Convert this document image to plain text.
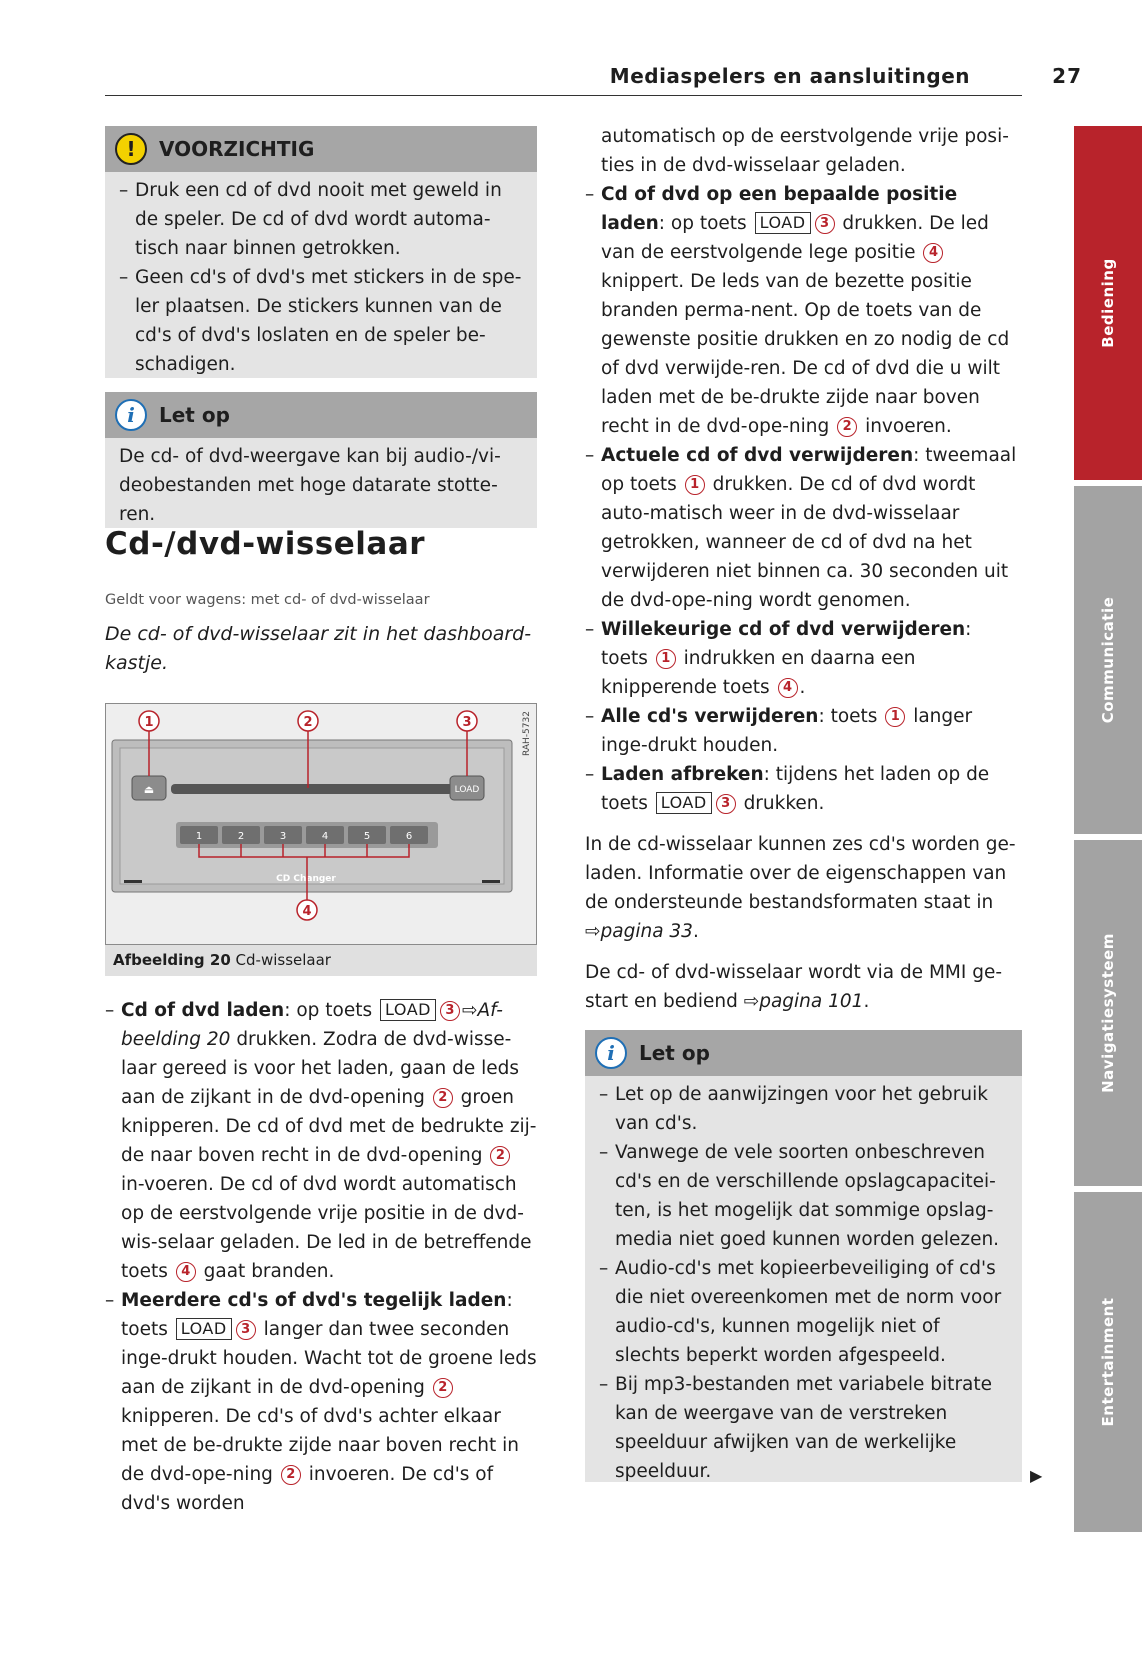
Mediaspelers en aansluitingen	27
Bediening
Communicatie
Navigatiesysteem
Entertainment
!	VOORZICHTIG
– Druk een cd of dvd nooit met geweld in de speler. De cd of dvd wordt automa-tisch naar binnen getrokken.
– Geen cd's of dvd's met stickers in de spe-ler plaatsen. De stickers kunnen van de cd's of dvd's loslaten en de speler be-schadigen.
i	Let op
De cd- of dvd-weergave kan bij audio-/vi-deobestanden met hoge datarate stotte-ren.
Cd-/dvd-wisselaar
Geldt voor wagens: met cd- of dvd-wisselaar
De cd- of dvd-wisselaar zit in het dashboard-kastje.
⏏	LOAD
1	2	3	4	5	6
CD Changer
1	2	3
4
RAH-5732
Afbeelding 20 Cd-wisselaar
– Cd of dvd laden: op toets LOAD 3 ⇨Af-beelding 20 drukken. Zodra de dvd-wisse-laar gereed is voor het laden, gaan de leds aan de zijkant in de dvd-opening 2 groen knipperen. De cd of dvd met de bedrukte zij-de naar boven recht in de dvd-opening 2 in-voeren. De cd of dvd wordt automatisch op de eerstvolgende vrije positie in de dvd-wis-selaar geladen. De led in de betreffende toets 4 gaat branden.
– Meerdere cd's of dvd's tegelijk laden: toets LOAD 3 langer dan twee seconden inge-drukt houden. Wacht tot de groene leds aan de zijkant in de dvd-opening 2 knipperen. De cd's of dvd's achter elkaar met de be-drukte zijde naar boven recht in de dvd-ope-ning 2 invoeren. De cd's of dvd's worden
automatisch op de eerstvolgende vrije posi-ties in de dvd-wisselaar geladen.
– Cd of dvd op een bepaalde positie laden: op toets LOAD 3 drukken. De led van de eerstvolgende lege positie 4 knippert. De leds van de bezette positie branden perma-nent. Op de toets van de gewenste positie drukken en zo nodig de cd of dvd verwijde-ren. De cd of dvd die u wilt laden met de be-drukte zijde naar boven recht in de dvd-ope-ning 2 invoeren.
– Actuele cd of dvd verwijderen: tweemaal op toets 1 drukken. De cd of dvd wordt auto-matisch weer in de dvd-wisselaar getrokken, wanneer de cd of dvd na het verwijderen niet binnen ca. 30 seconden uit de dvd-ope-ning wordt genomen.
– Willekeurige cd of dvd verwijderen: toets 1 indrukken en daarna een knipperende toets 4 .
– Alle cd's verwijderen: toets 1 langer inge-drukt houden.
– Laden afbreken: tijdens het laden op de toets LOAD 3 drukken.

In de cd-wisselaar kunnen zes cd's worden ge-laden. Informatie over de eigenschappen van de ondersteunde bestandsformaten staat in ⇨pagina 33.

De cd- of dvd-wisselaar wordt via de MMI ge-start en bediend ⇨pagina 101.

i	Let op
– Let op de aanwijzingen voor het gebruik van cd's.
– Vanwege de vele soorten onbeschreven cd's en de verschillende opslagcapacitei-ten, is het mogelijk dat sommige opslag-media niet goed kunnen worden gelezen.
– Audio-cd's met kopieerbeveiliging of cd's die niet overeenkomen met de norm voor audio-cd's, kunnen mogelijk niet of slechts beperkt worden afgespeeld.
– Bij mp3-bestanden met variabele bitrate kan de weergave van de verstreken speelduur afwijken van de werkelijke speelduur.	▶
